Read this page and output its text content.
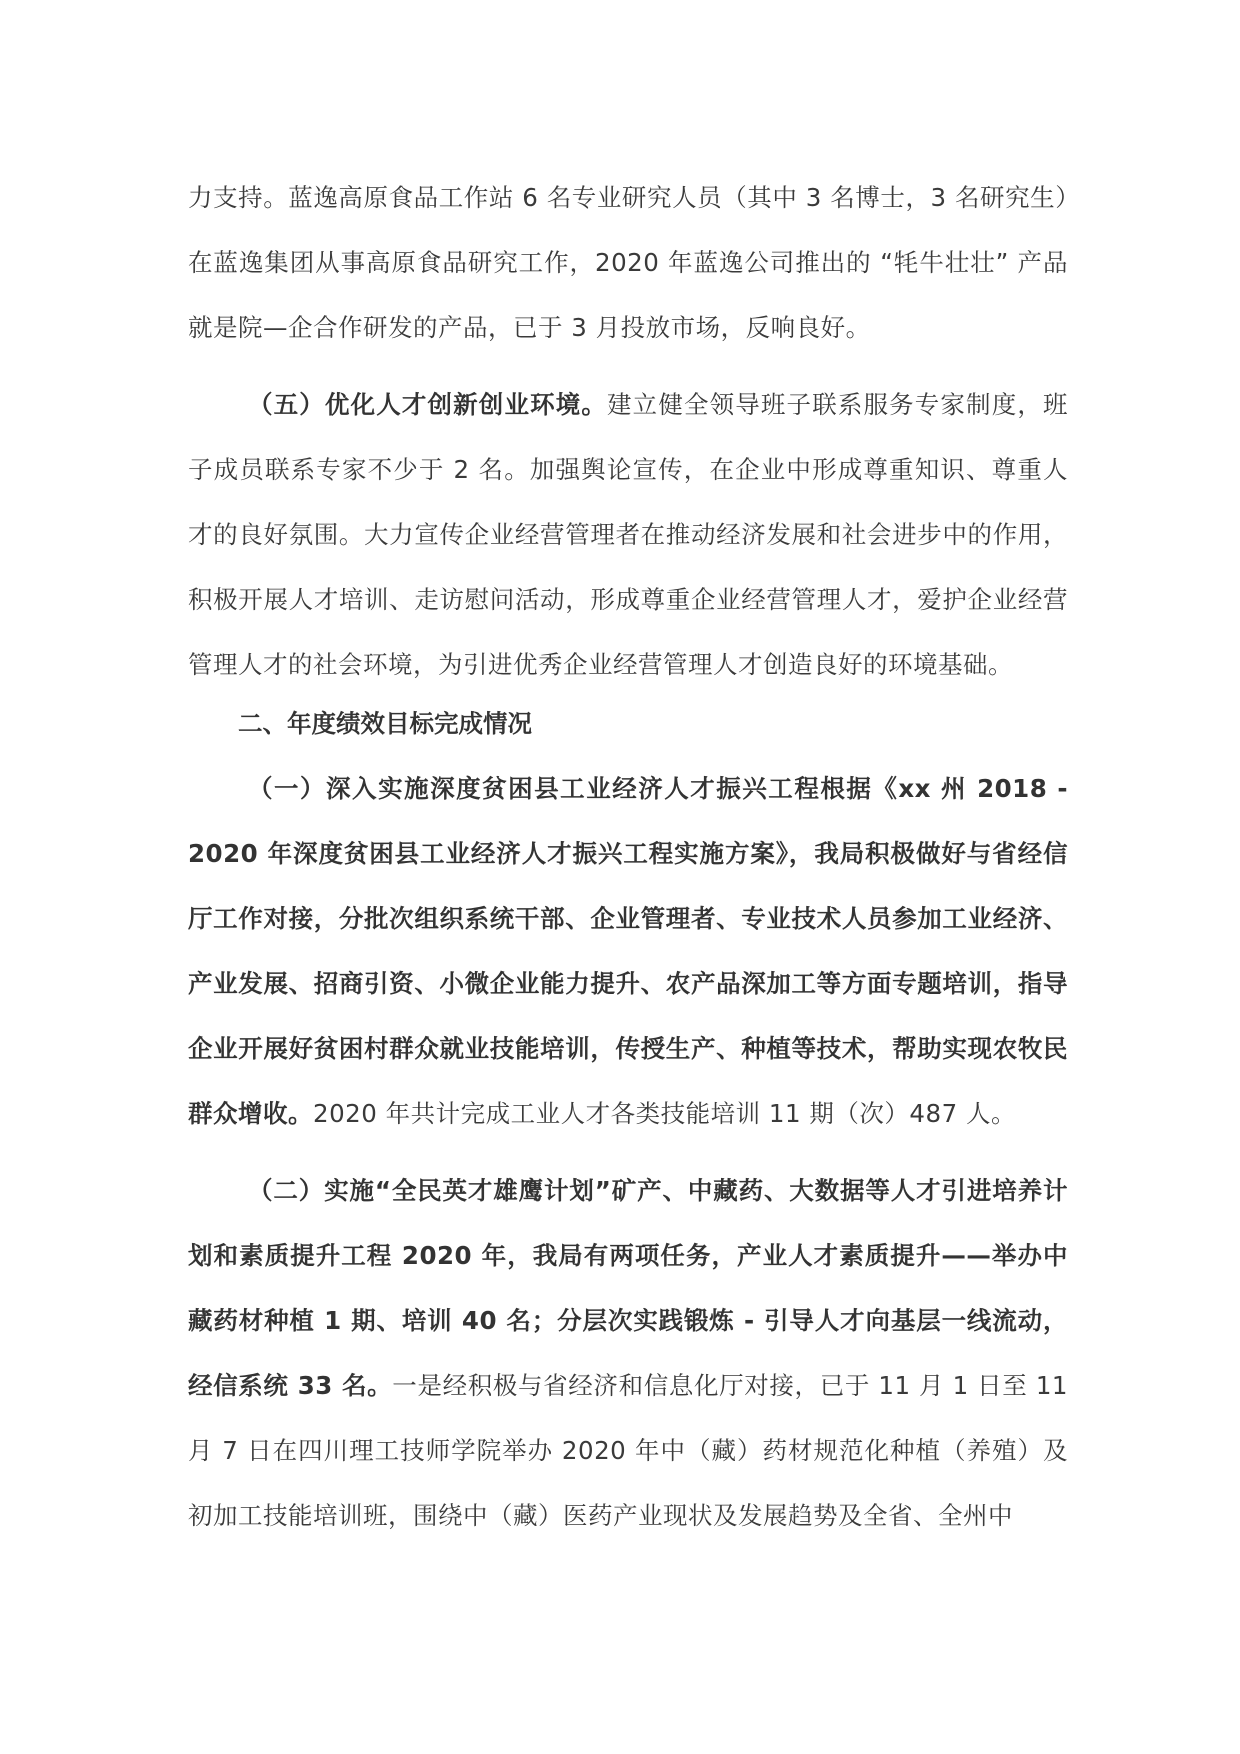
力支持。蓝逸高原食品工作站 6 名专业研究人员（其中 3 名博士，3 名研究生）在蓝逸集团从事高原食品研究工作，2020 年蓝逸公司推出的 “牦牛壮壮” 产品就是院—企合作研发的产品，已于 3 月投放市场，反响良好。

（五）优化人才创新创业环境。建立健全领导班子联系服务专家制度，班子成员联系专家不少于 2 名。加强舆论宣传，在企业中形成尊重知识、尊重人才的良好氛围。大力宣传企业经营管理者在推动经济发展和社会进步中的作用，积极开展人才培训、走访慰问活动，形成尊重企业经营管理人才，爱护企业经营管理人才的社会环境，为引进优秀企业经营管理人才创造良好的环境基础。

二、年度绩效目标完成情况

（一）深入实施深度贫困县工业经济人才振兴工程根据《xx 州 2018 - 2020 年深度贫困县工业经济人才振兴工程实施方案》，我局积极做好与省经信厅工作对接，分批次组织系统干部、企业管理者、专业技术人员参加工业经济、产业发展、招商引资、小微企业能力提升、农产品深加工等方面专题培训，指导企业开展好贫困村群众就业技能培训，传授生产、种植等技术，帮助实现农牧民群众增收。2020 年共计完成工业人才各类技能培训 11 期（次）487 人。

（二）实施“全民英才雄鹰计划”矿产、中藏药、大数据等人才引进培养计划和素质提升工程 2020 年，我局有两项任务，产业人才素质提升——举办中藏药材种植 1 期、培训 40 名；分层次实践锻炼 - 引导人才向基层一线流动，经信系统 33 名。一是经积极与省经济和信息化厅对接，已于 11 月 1 日至 11 月 7 日在四川理工技师学院举办 2020 年中（藏）药材规范化种植（养殖）及初加工技能培训班，围绕中（藏）医药产业现状及发展趋势及全省、全州中
